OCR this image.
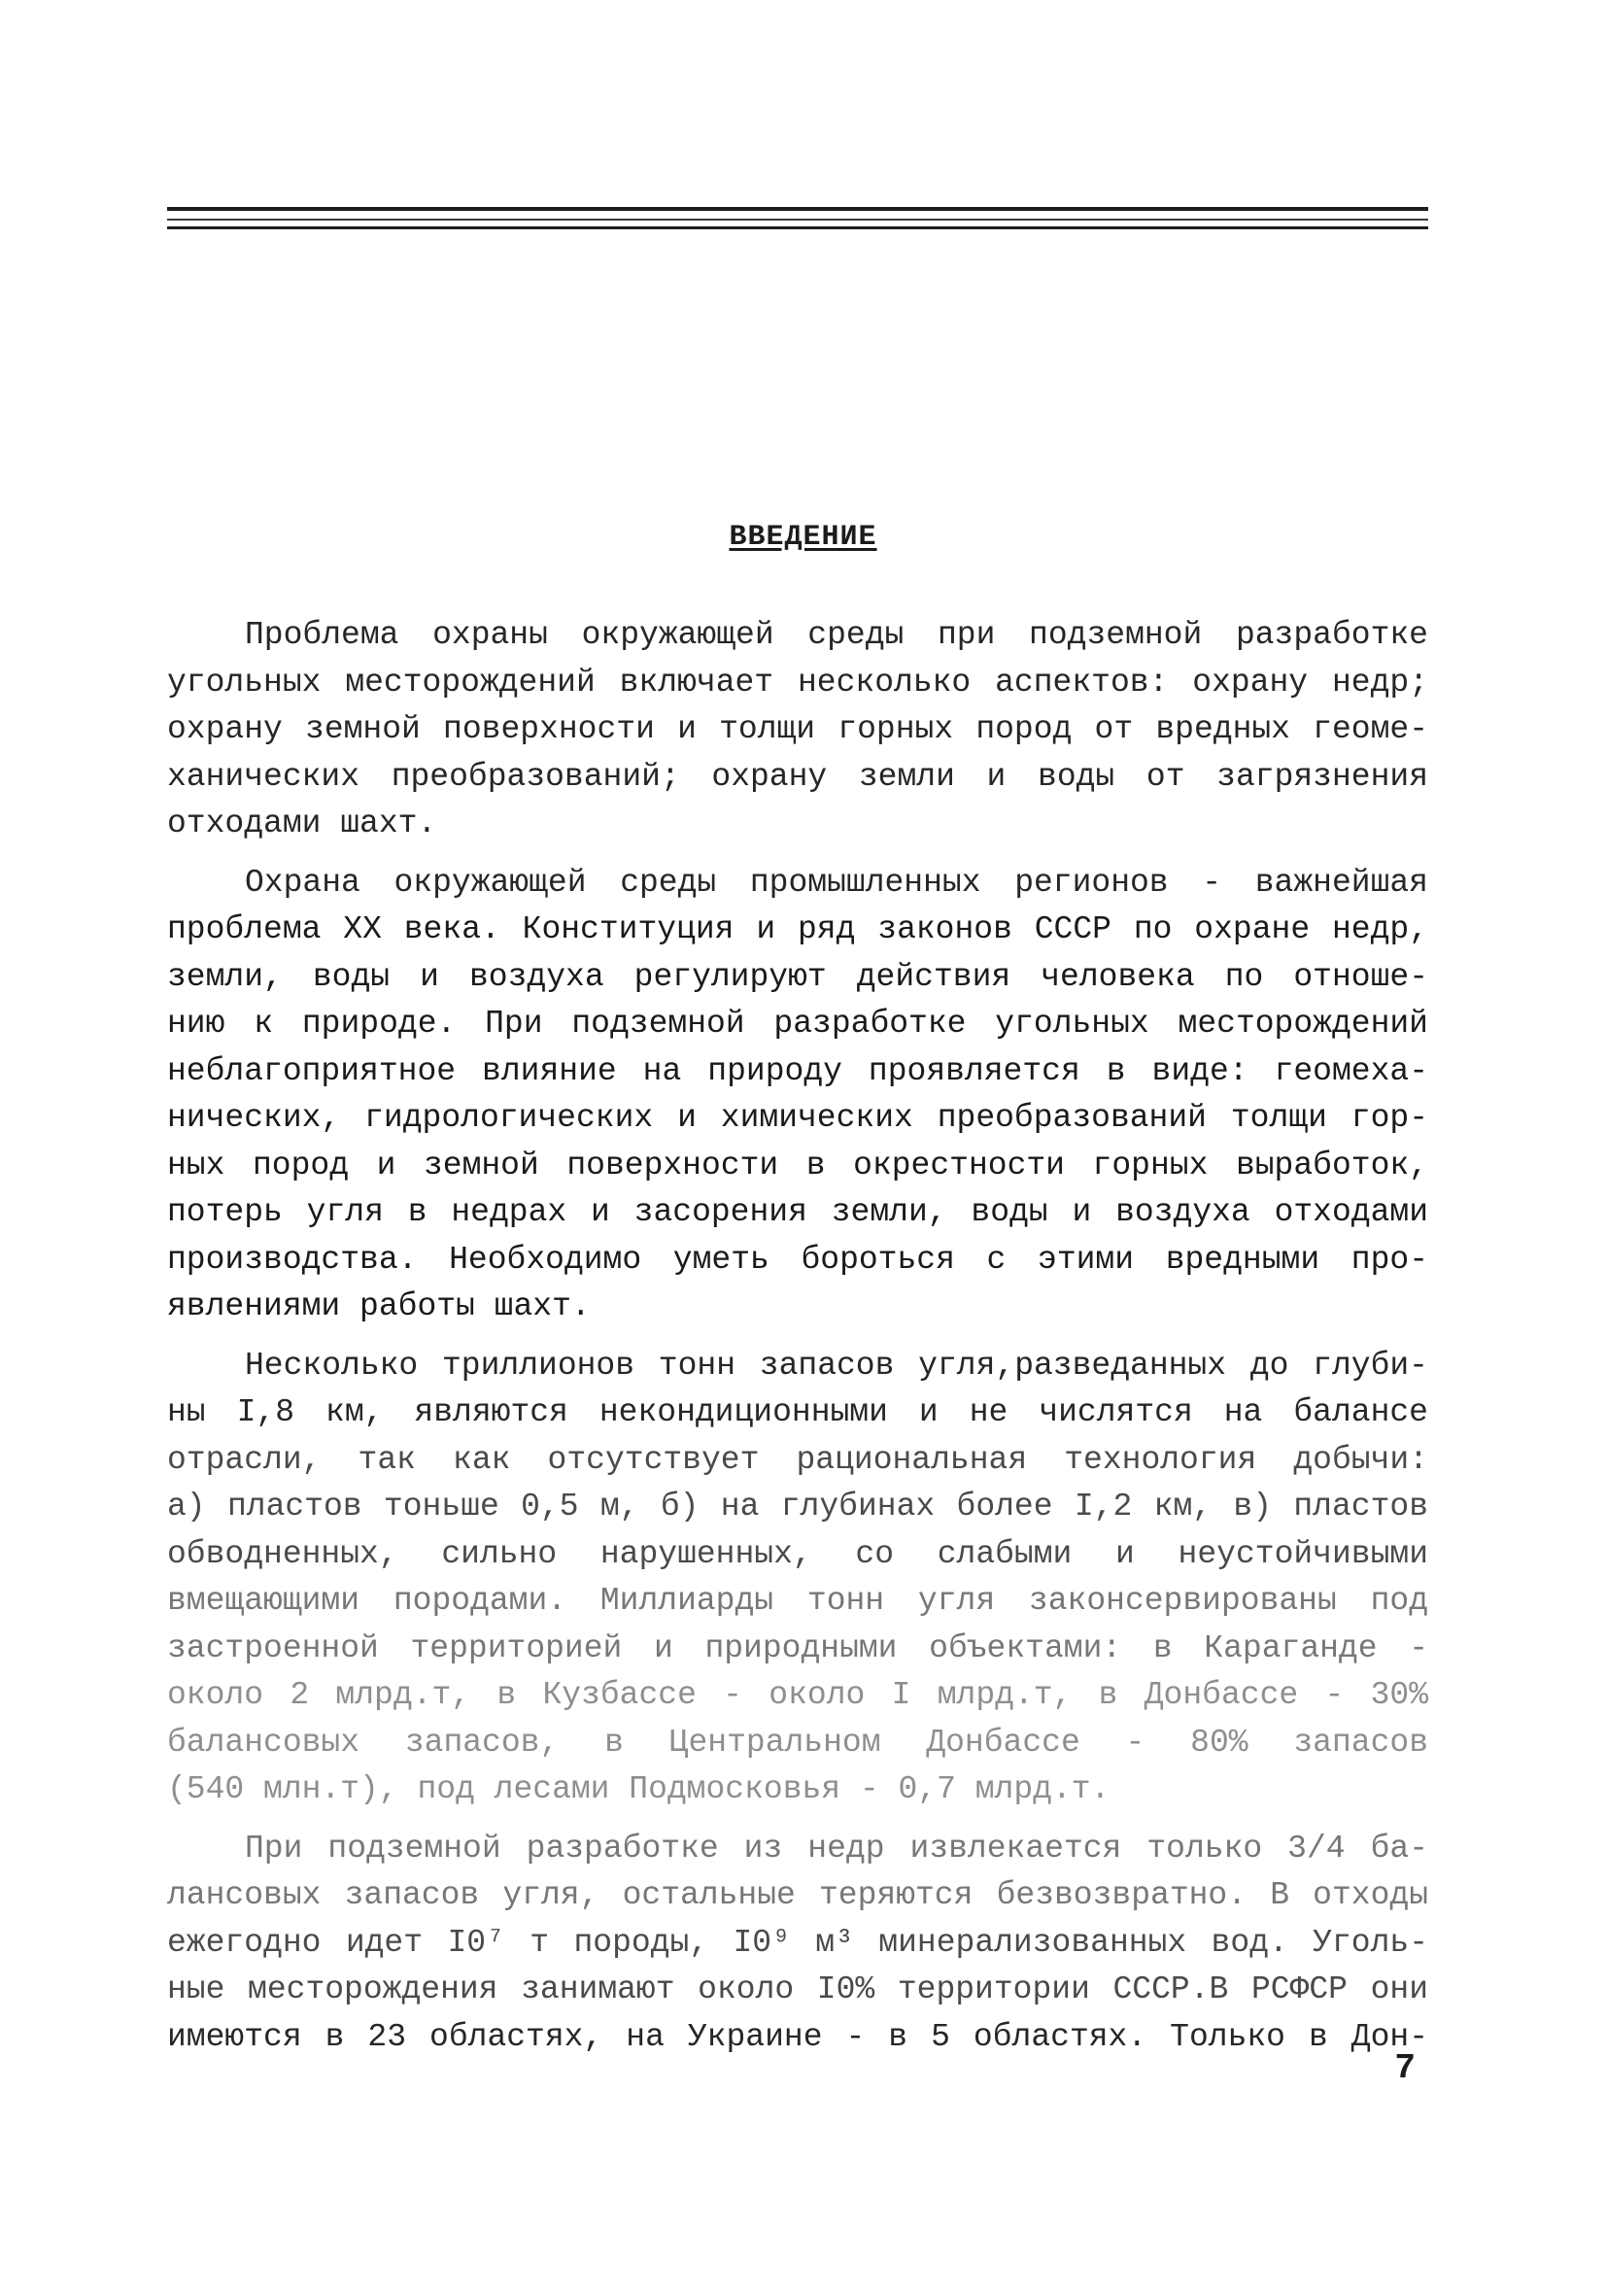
ВВЕДЕНИЕ
Проблема охраны окружающей среды при подземной разработке
угольных месторождений включает несколько аспектов: охрану недр;
охрану земной поверхности и толщи горных пород от вредных геоме-
ханических преобразований; охрану земли и воды от загрязнения
отходами шахт.
Охрана окружающей среды промышленных регионов - важнейшая
проблема XX века. Конституция и ряд законов СССР по охране недр,
земли, воды и воздуха регулируют действия человека по отноше-
нию к природе. При подземной разработке угольных месторождений
неблагоприятное влияние на природу проявляется в виде: геомеха-
нических, гидрологических и химических преобразований толщи гор-
ных пород и земной поверхности в окрестности горных выработок,
потерь угля в недрах и засорения земли, воды и воздуха отходами
производства. Необходимо уметь бороться с этими вредными про-
явлениями работы шахт.
Несколько триллионов тонн запасов угля,разведанных до глуби-
ны I,8 км, являются некондиционными и не числятся на балансе
отрасли, так как отсутствует рациональная технология добычи:
а) пластов тоньше 0,5 м, б) на глубинах более I,2 км, в) пластов
обводненных, сильно нарушенных, со слабыми и неустойчивыми
вмещающими породами. Миллиарды тонн угля законсервированы под
застроенной территорией и природными объектами: в Караганде -
около 2 млрд.т, в Кузбассе - около I млрд.т, в Донбассе - 30%
балансовых запасов, в Центральном Донбассе - 80% запасов
(540 млн.т), под лесами Подмосковья - 0,7 млрд.т.
При подземной разработке из недр извлекается только 3/4 ба-
лансовых запасов угля, остальные теряются безвозвратно. В отходы
ежегодно идет I0⁷ т породы, I0⁹ м³ минерализованных вод. Уголь-
ные месторождения занимают около I0% территории СССР.В РСФСР они
имеются в 23 областях, на Украине - в 5 областях. Только в Дон-
7
